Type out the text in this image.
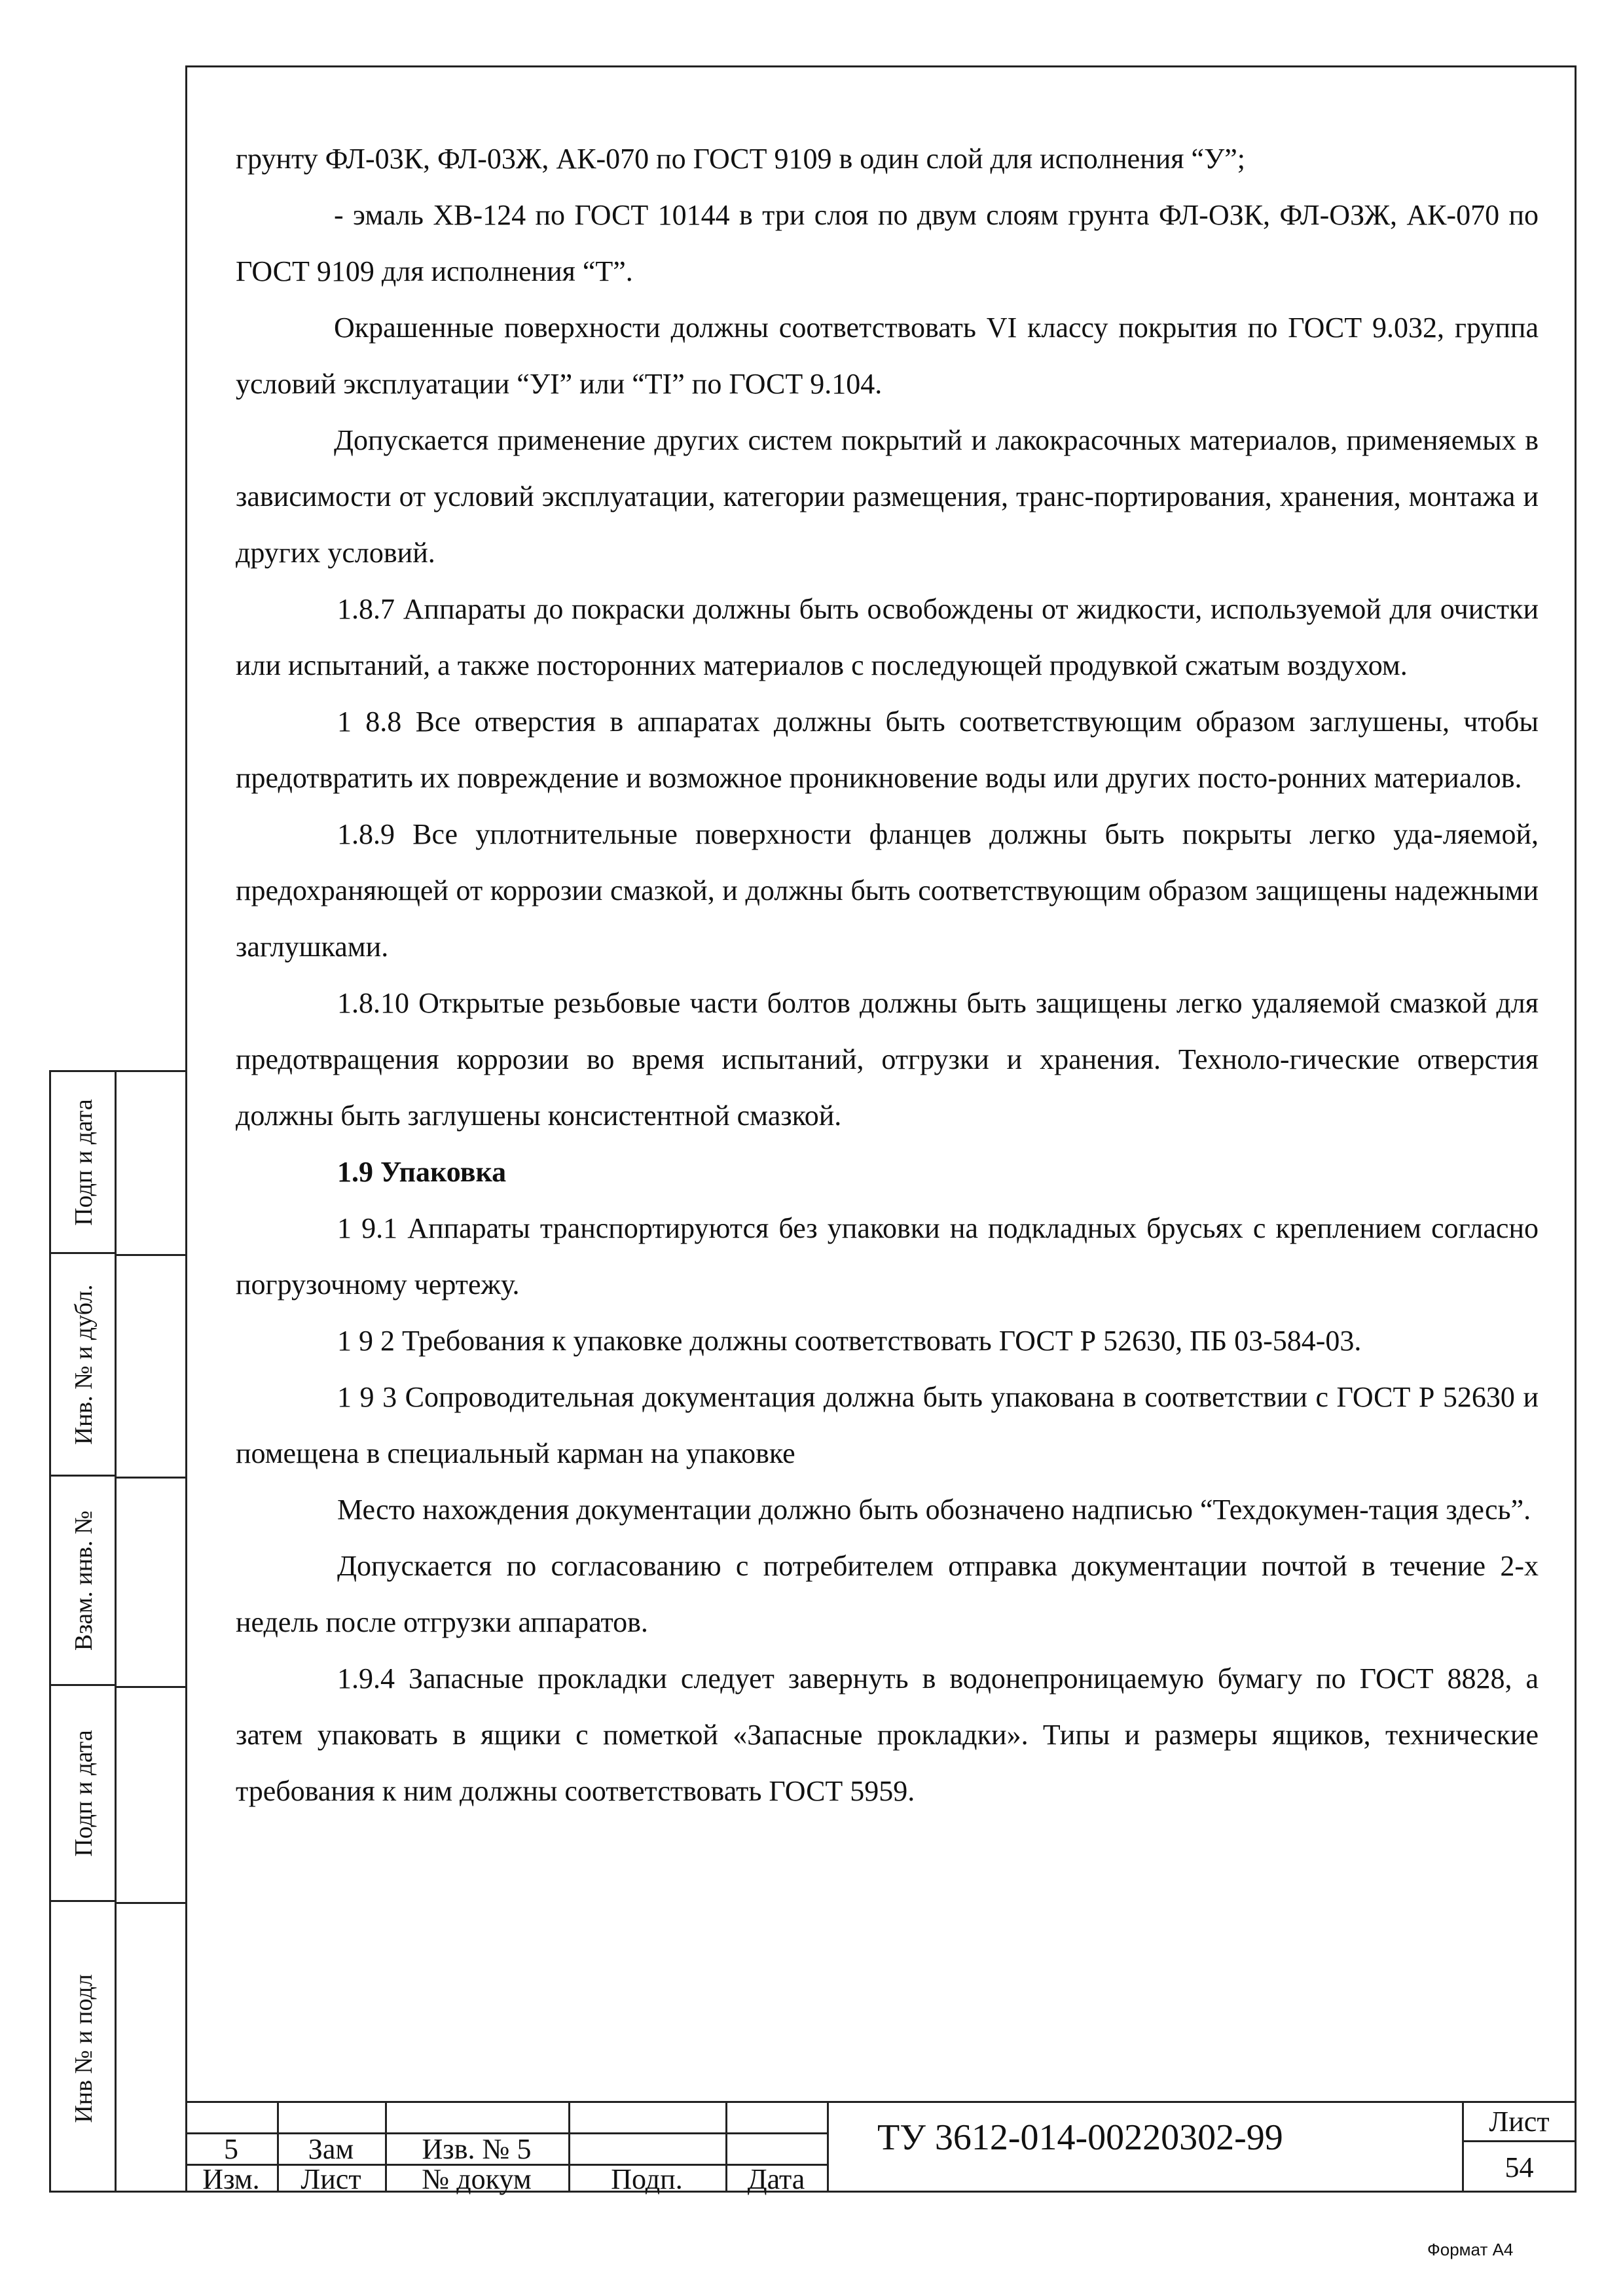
грунту ФЛ-03К, ФЛ-03Ж, АК-070 по ГОСТ 9109 в один слой для исполнения “У”;

- эмаль ХВ-124 по ГОСТ 10144 в три слоя по двум слоям грунта ФЛ-ОЗК, ФЛ-ОЗЖ, АК-070 по ГОСТ 9109 для исполнения “Т”.

Окрашенные поверхности должны соответствовать VI классу покрытия по ГОСТ 9.032, группа условий эксплуатации “УI” или “TI” по ГОСТ 9.104.

Допускается применение других систем покрытий и лакокрасочных материалов, применяемых в зависимости от условий эксплуатации, категории размещения, транс-портирования, хранения, монтажа и других условий.

1.8.7 Аппараты до покраски должны быть освобождены от жидкости, используемой для очистки или испытаний, а также посторонних материалов с последующей продувкой сжатым воздухом.

1 8.8 Все отверстия в аппаратах должны быть соответствующим образом заглушены, чтобы предотвратить их повреждение и возможное проникновение воды или других посто-ронних материалов.

1.8.9 Все уплотнительные поверхности фланцев должны быть покрыты легко уда-ляемой, предохраняющей от коррозии смазкой, и должны быть соответствующим образом защищены надежными заглушками.

1.8.10 Открытые резьбовые части болтов должны быть защищены легко удаляемой смазкой для предотвращения коррозии во время испытаний, отгрузки и хранения. Техноло-гические отверстия должны быть заглушены консистентной смазкой.

1.9 Упаковка

1 9.1 Аппараты транспортируются без упаковки на подкладных брусьях с креплением согласно погрузочному чертежу.

1 9 2 Требования к упаковке должны соответствовать ГОСТ Р 52630, ПБ 03-584-03.

1 9 3 Сопроводительная документация должна быть упакована в соответствии с ГОСТ Р 52630 и помещена в специальный карман на упаковке

Место нахождения документации должно быть обозначено надписью “Техдокумен-тация здесь”.

Допускается по согласованию с потребителем отправка документации почтой в течение 2-х недель после отгрузки аппаратов.

1.9.4 Запасные прокладки следует завернуть в водонепроницаемую бумагу по ГОСТ 8828, а затем упаковать в ящики с пометкой «Запасные прокладки». Типы и размеры ящиков, технические требования к ним должны соответствовать ГОСТ 5959.

Подп и дата
Инв. № и дубл.
Взам. инв. №
Подп и дата
Инв № и подл
5	Зам	Изв. № 5
Изм.	Лист	№ докум	Подп.	Дата
Лист
54
ТУ 3612-014-00220302-99
Формат А4
